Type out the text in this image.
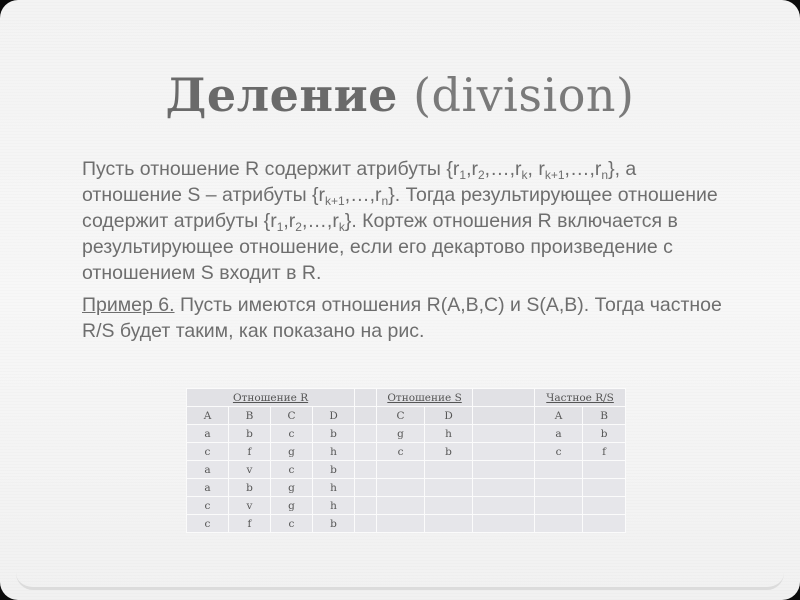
Деление (division)

Пусть отношение R содержит атрибуты {$r_1,r_2,\dots,r_k$, $r_{k+1},\dots,r_n$}, а отношение S – атрибуты $\{r_{k+1},\dots,r_n\}$. Тогда результирующее отношение содержит атрибуты $\{r_1,r_2,\dots,r_k\}$. Кортеж отношения R включается в результирующее отношение, если его декартово произведение с отношением S входит в R.

Пример 6. Пусть имеются отношения R(A,B,C) и S(A,B). Тогда частное R/S будет таким, как показано на рис.

Отношение R					Отношение S			Частное R/S	
A	B	C	D		C	D		A	B
a	b	c	b		g	h		a	b
c	f	g	h		c	b		c	f
a	v	c	b						
a	b	g	h						
c	v	g	h						
c	f	c	b						
